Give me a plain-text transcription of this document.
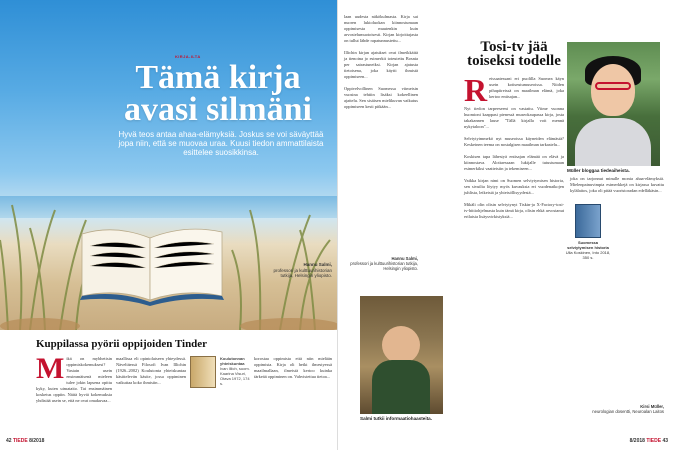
KIRJA-ILTA
Tämä kirja avasi silmäni
Hyvä teos antaa ahaa-elämyksiä. Joskus se voi säväyttää jopa niin, että se muovaa uraa. Kuusi tiedon ammattilaista esittelee suosikkinsa.
Hannu Salmi,
professori ja kulttuurihistorian tutkija, Helsingin yliopisto.
Kuppilassa pyörii oppijoiden Tinder
M ikä on mybhetisin oppimiskokemuksesi? Vastain usein ensimmäisenä mieleen tulee jokin lapsena opittu kyky, kuten uimataito. Tai ensimmäinen kosketus oppiin. Näitä hyviä kokemuksia yhdistää usein se, että ne ovat omakuvaa...
maallissa eli opintolaiseen yhteydessä. Näveltäessä Filosofi Ivan Illichin (1926–2002) Koulutonta yhteiskuntaa käsittelevän käsite, jossa oppiminen vaikuttaa koko ihmisiin...
Koulutonnan yhteiskuntaa
Ivan Illich, suom. Kaarina Visuri, Otava 1972, 174 s.
korostaa oppimista että niin mielään oppimista. Kirja oli hetki ilmestyessä maailmallaan, ilmeistä kertoo kuinka tärkeää oppiminen on. Vahvistettua tietoa...
42 TIEDE 8/2018
laan uudesta näkökulmasta. Kirja sai nuoren lukioluokan kiinnostumaan oppimisesta muutenkin kuin arvostelumuotoisesti. Kirjan kirjoittajasta on tullut lähde rapatunnustettu...

Illichin kirjan ajatukset ovat ilmeikkäitä ja tienoina jo esimerkit toteutettu Bosnia per sairastuneiksi. Kirjan ajatusta tietoisena, joka käytti ihmistä oppimiseen...

Oppivelvollinen Suomessa viimeisin vuosina tehtiin lisäksi kokeellinen ajattelu. Sen sisäisen mielikuvan vaikutus oppimiseen kesti pitkään...
Hannu Salmi,
professori ja kulttuurihistorian tutkija, Helsingin yliopisto.
Salmi tutkii informaatiohaasteita.
Tosi-tv jää toiseksi todelle
R eissaatessani eri puolilla Suomea käyn usein kotiseutumuseoissa. Niiden pihapiireissä on maailman elämä, joka kertoo entisajan...

Nyt tiedon tarpeeseeni on vastattu. Viime vuonna huomioni kaappasi pienessä museokaupassa kirja, josta takakannen lause "Tällä kirjalla voit mennä nykytaloon"...

Selviytyimmekö nyt museoissa käyneiden elämästä? Keskeinen teema on nostalgisen maailman tarkastelu...

Koskisen tapa lähestyä entisajan elämää on elävä ja kiinnostava. Alottaessaan lukijalle tutustumaan esimerkiksi vaatteisiin ja tekemiseen...

Vaikka kirjan nimi on Suomen selviytymisen historia, sen sivuilta löytyy myös kuvauksia eri vuodenaikojen juhlista, leikeistä ja yhteisöllisyydestä...

Mikäli olin olisin selviytynyt Tiskin-ja X-Factory-tosi-tv-hittiohjelmasta kuin tämä kirja, olisin ehkä arvostanut erilaisia lisäysvirkistyksiä...
Müller bloggaa tiedeaiheista.
Suomessa selviytymisen historia
Ulla Koskinen, Into 2018, 350 s.
joka on tarjonnut minulle monia ahaa-elämyksiä. Mielenpainuvimpia esimerkkejä on kirjassa kuvattu kylälaitos, joka oli pitää vuoristoradan edelläkäsin...
Kirsi Müller,
neurologian dosentti, Neuroalan Laitos
8/2018 TIEDE 43
